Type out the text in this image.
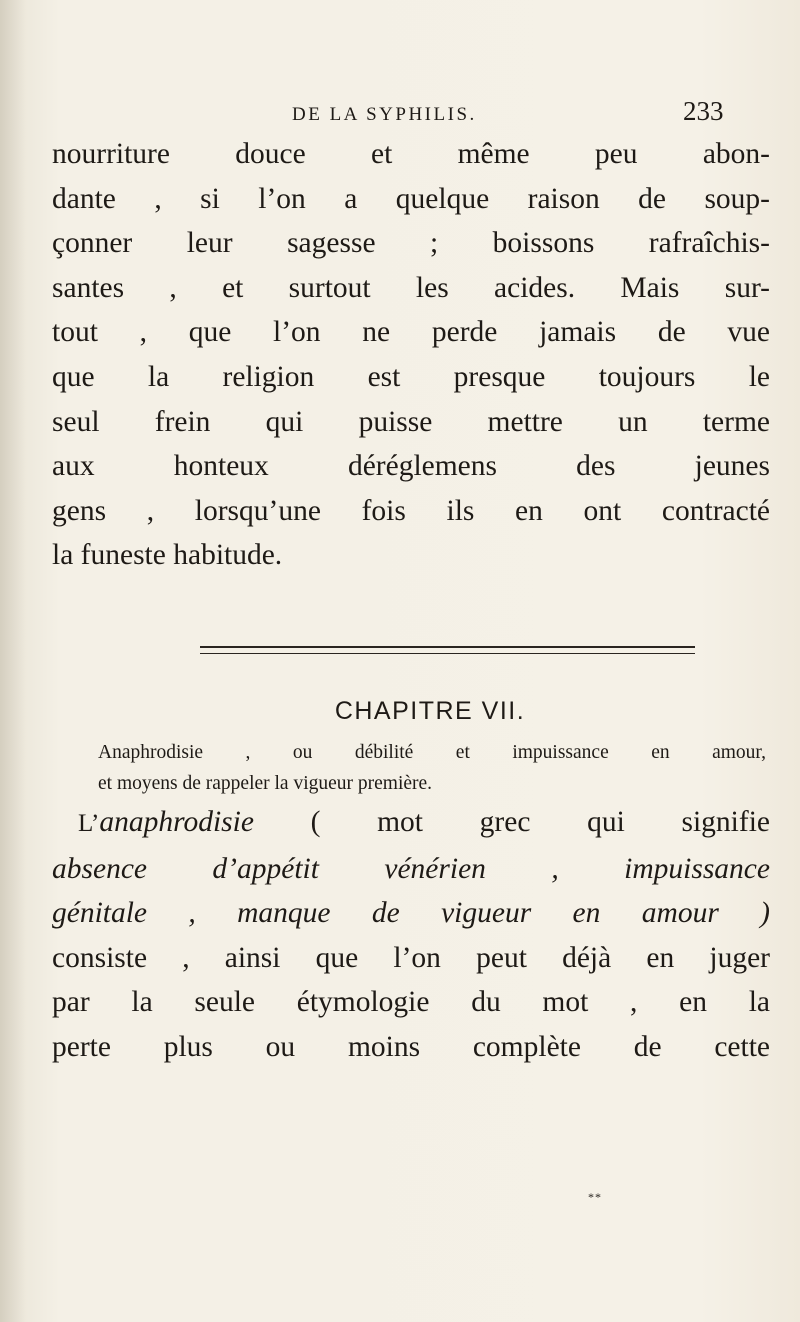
DE LA SYPHILIS.	233
nourriture douce et même peu abon-
dante , si l’on a quelque raison de soup-
çonner leur sagesse ; boissons rafraîchis-
santes , et surtout les acides. Mais sur-
tout , que l’on ne perde jamais de vue
que la religion est presque toujours le
seul frein qui puisse mettre un terme
aux honteux déréglemens des jeunes
gens , lorsqu’une fois ils en ont contracté
la funeste habitude.
CHAPITRE VII.
Anaphrodisie , ou débilité et impuissance en amour,
et moyens de rappeler la vigueur première.
L’anaphrodisie ( mot grec qui signifie
absence d’appétit vénérien , impuissance
génitale , manque de vigueur en amour )
consiste , ainsi que l’on peut déjà en juger
par la seule étymologie du mot , en la
perte plus ou moins complète de cette
**
